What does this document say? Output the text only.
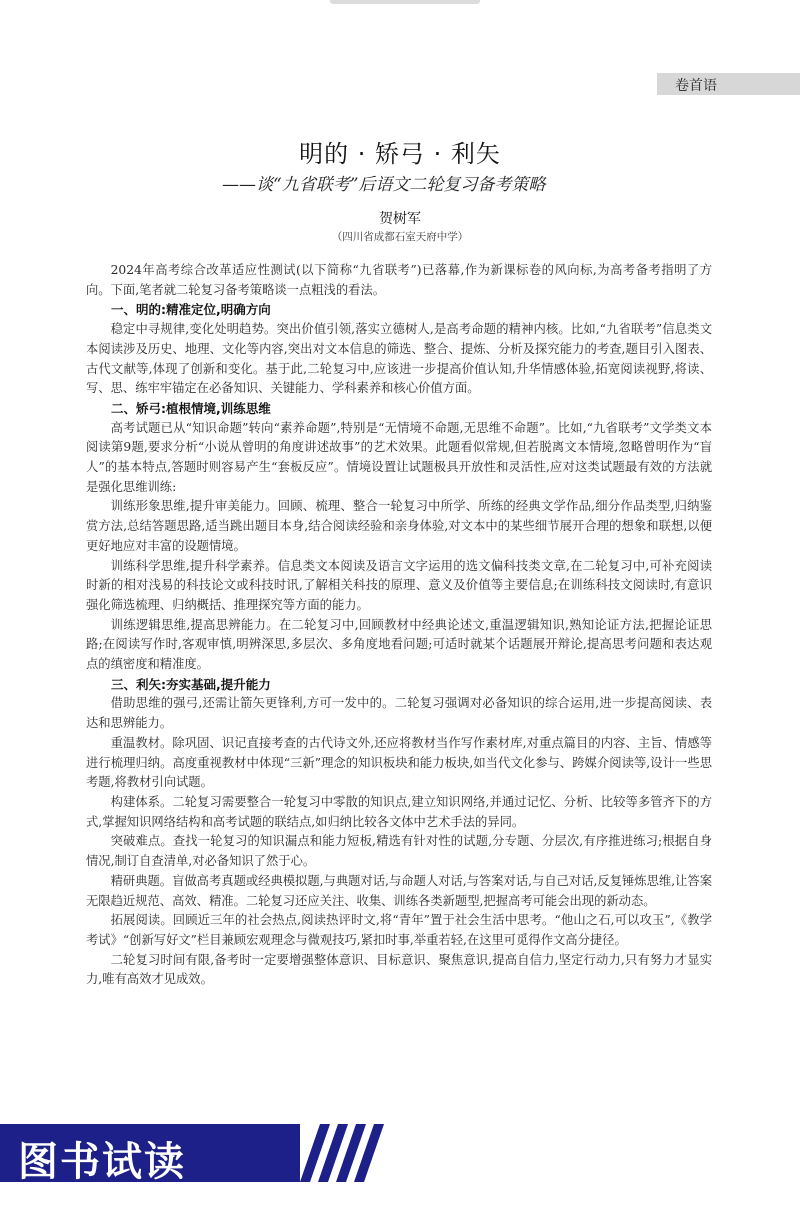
卷首语
明的 · 矫弓 · 利矢
——谈“九省联考”后语文二轮复习备考策略
贺树军
（四川省成都石室天府中学）

2024年高考综合改革适应性测试(以下简称“九省联考”)已落幕,作为新课标卷的风向标,为高考备考指明了方向。下面,笔者就二轮复习备考策略谈一点粗浅的看法。

一、明的:精准定位,明确方向

稳定中寻规律,变化处明趋势。突出价值引领,落实立德树人,是高考命题的精神内核。比如,“九省联考”信息类文本阅读涉及历史、地理、文化等内容,突出对文本信息的筛选、整合、提炼、分析及探究能力的考查,题目引入图表、古代文献等,体现了创新和变化。基于此,二轮复习中,应该进一步提高价值认知,升华情感体验,拓宽阅读视野,将读、写、思、练牢牢锚定在必备知识、关键能力、学科素养和核心价值方面。

二、矫弓:植根情境,训练思维

高考试题已从“知识命题”转向“素养命题”,特别是“无情境不命题,无思维不命题”。比如,“九省联考”文学类文本阅读第9题,要求分析“小说从曾明的角度讲述故事”的艺术效果。此题看似常规,但若脱离文本情境,忽略曾明作为“盲人”的基本特点,答题时则容易产生“套板反应”。情境设置让试题极具开放性和灵活性,应对这类试题最有效的方法就是强化思维训练:

训练形象思维,提升审美能力。回顾、梳理、整合一轮复习中所学、所练的经典文学作品,细分作品类型,归纳鉴赏方法,总结答题思路,适当跳出题目本身,结合阅读经验和亲身体验,对文本中的某些细节展开合理的想象和联想,以便更好地应对丰富的设题情境。

训练科学思维,提升科学素养。信息类文本阅读及语言文字运用的选文偏科技类文章,在二轮复习中,可补充阅读时新的相对浅易的科技论文或科技时讯,了解相关科技的原理、意义及价值等主要信息;在训练科技文阅读时,有意识强化筛选梳理、归纳概括、推理探究等方面的能力。

训练逻辑思维,提高思辨能力。在二轮复习中,回顾教材中经典论述文,重温逻辑知识,熟知论证方法,把握论证思路;在阅读写作时,客观审慎,明辨深思,多层次、多角度地看问题;可适时就某个话题展开辩论,提高思考问题和表达观点的缜密度和精准度。

三、利矢:夯实基础,提升能力

借助思维的强弓,还需让箭矢更锋利,方可一发中的。二轮复习强调对必备知识的综合运用,进一步提高阅读、表达和思辨能力。

重温教材。除巩固、识记直接考查的古代诗文外,还应将教材当作写作素材库,对重点篇目的内容、主旨、情感等进行梳理归纳。高度重视教材中体现“三新”理念的知识板块和能力板块,如当代文化参与、跨媒介阅读等,设计一些思考题,将教材引向试题。

构建体系。二轮复习需要整合一轮复习中零散的知识点,建立知识网络,并通过记忆、分析、比较等多管齐下的方式,掌握知识网络结构和高考试题的联结点,如归纳比较各文体中艺术手法的异同。

突破难点。查找一轮复习的知识漏点和能力短板,精选有针对性的试题,分专题、分层次,有序推进练习;根据自身情况,制订自查清单,对必备知识了然于心。

精研典题。盲做高考真题或经典模拟题,与典题对话,与命题人对话,与答案对话,与自己对话,反复锤炼思维,让答案无限趋近规范、高效、精准。二轮复习还应关注、收集、训练各类新题型,把握高考可能会出现的新动态。

拓展阅读。回顾近三年的社会热点,阅读热评时文,将“青年”置于社会生活中思考。“他山之石,可以攻玉”,《教学考试》“创新写好文”栏目兼顾宏观理念与微观技巧,紧扣时事,举重若轻,在这里可觅得作文高分捷径。

二轮复习时间有限,备考时一定要增强整体意识、目标意识、聚焦意识,提高自信力,坚定行动力,只有努力才显实力,唯有高效才见成效。

图书试读
